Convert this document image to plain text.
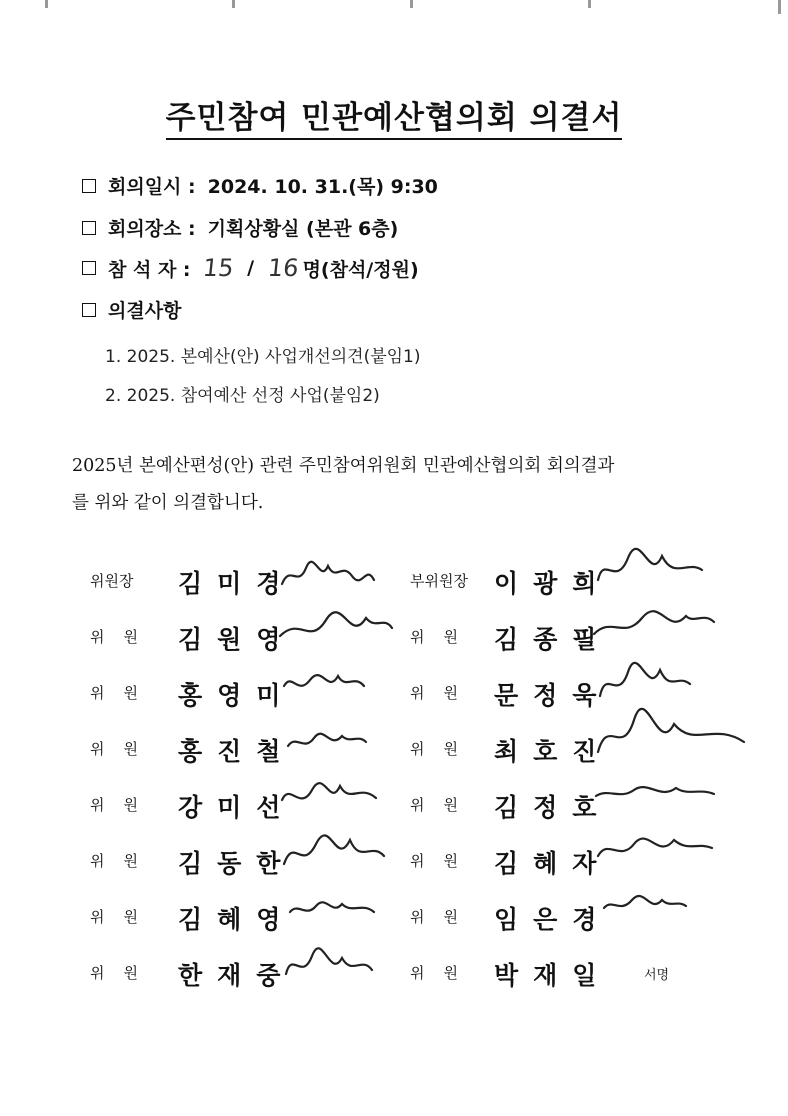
주민참여 민관예산협의회 의결서
회의일시 : 2024. 10. 31.(목) 9:30
회의장소 : 기획상황실 (본관 6층)
참 석 자 : 15 / 16 명(참석/정원)
의결사항
1. 2025. 본예산(안) 사업개선의견(붙임1)
2. 2025. 참여예산 선정 사업(붙임2)
2025년 본예산편성(안) 관련 주민참여위원회 민관예산협의회 회의결과
를 위와 같이 의결합니다.
위원장 김미경	부위원장 이광희
위    원 김원영	위    원 김종필
위    원 홍영미	위    원 문정욱
위    원 홍진철	위    원 최호진
위    원 강미선	위    원 김정호
위    원 김동한	위    원 김혜자
위    원 김혜영	위    원 임은경
위    원 한재중	위    원 박재일	서명
